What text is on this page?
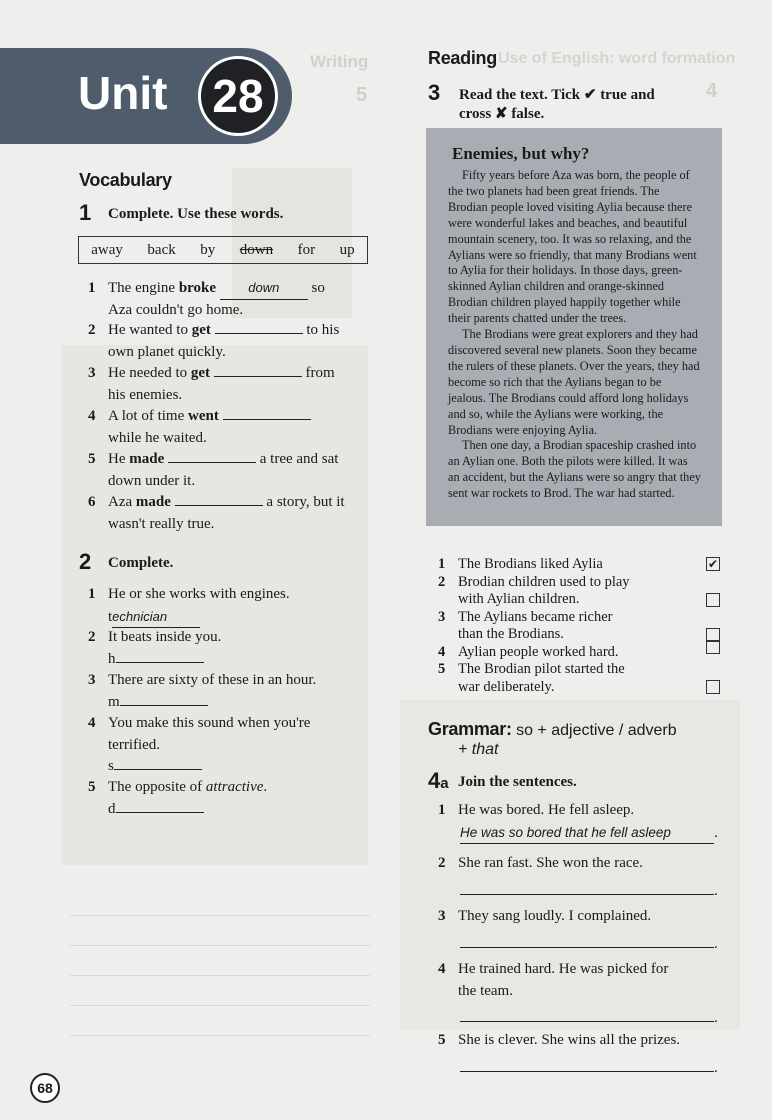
Writing	Use of English: word formation
5	4
Unit 28
Vocabulary
1 Complete. Use these words.
away back by down for up
1 The engine broke down so
Aza couldn't go home.
2 He wanted to get	to his
own planet quickly.
3 He needed to get	from
his enemies.
4 A lot of time went
while he waited.
5 He made	a tree and sat
down under it.
6 Aza made	a story, but it
wasn't really true.
2 Complete.
1 He or she works with engines.
technician
2 It beats inside you.
h
3 There are sixty of these in an hour.
m
4 You make this sound when you're
terrified.
s
5 The opposite of attractive.
d
Reading
3 Read the text. Tick ✔ true and
cross ✘ false.
Enemies, but why?

Fifty years before Aza was born, the people of the two planets had been great friends. The Brodian people loved visiting Aylia because there were wonderful lakes and beaches, and beautiful mountain scenery, too. It was so relaxing, and the Aylians were so friendly, that many Brodians went to Aylia for their holidays. In those days, green-skinned Aylian children and orange-skinned Brodian children played happily together while their parents chatted under the trees.

The Brodians were great explorers and they had discovered several new planets. Soon they became the rulers of these planets. Over the years, they had become so rich that the Aylians began to be jealous. The Brodians could afford long holidays and so, while the Aylians were working, the Brodians were enjoying Aylia.

Then one day, a Brodian spaceship crashed into an Aylian one. Both the pilots were killed. It was an accident, but the Aylians were so angry that they sent war rockets to Brod. The war had started.

1 The Brodians liked Aylia	✔
2 Brodian children used to play
with Aylian children.
3 The Aylians became richer
than the Brodians.
4 Aylian people worked hard.
5 The Brodian pilot started the
war deliberately.
Grammar: so + adjective / adverb
+ that
4a Join the sentences.
1 He was bored. He fell asleep.
He was so bored that he fell asleep	.
2 She ran fast. She won the race.
.
3 They sang loudly. I complained.
.
4 He trained hard. He was picked for
the team.
.
5 She is clever. She wins all the prizes.
.
68
